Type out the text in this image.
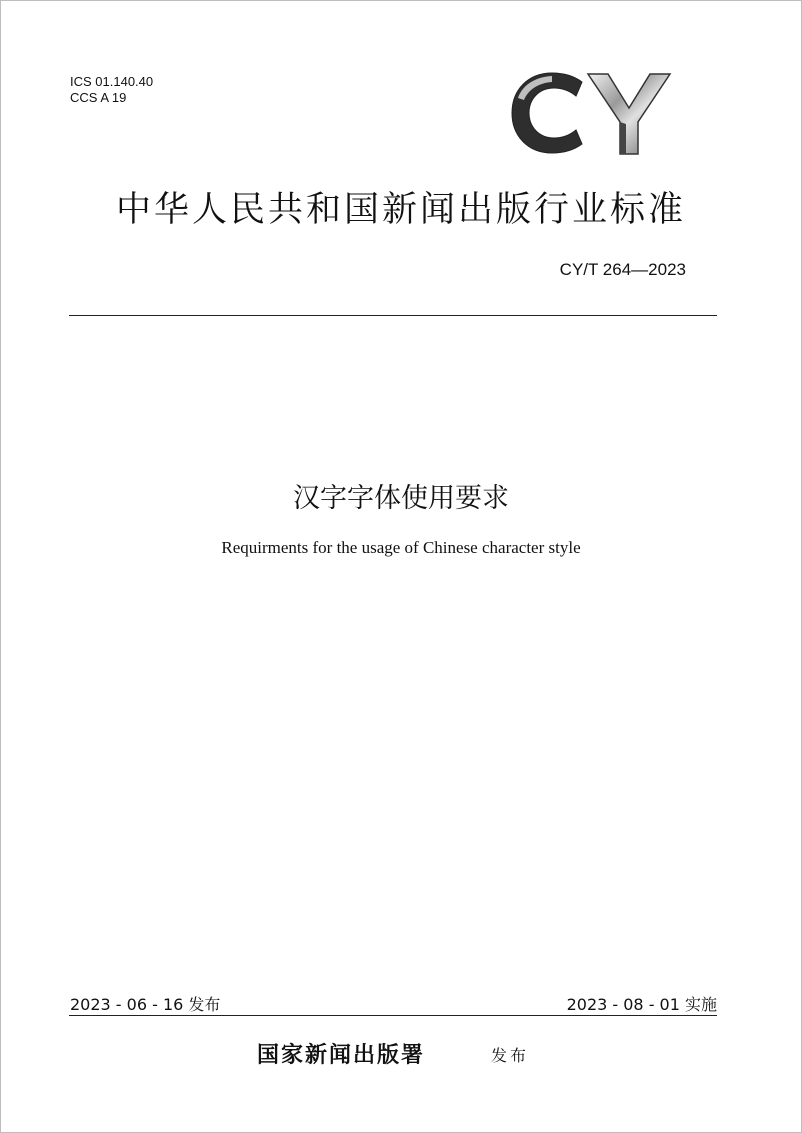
ICS 01.140.40
CCS A 19
中华人民共和国新闻出版行业标准
CY/T 264—2023
汉字字体使用要求
Requirments for the usage of Chinese character style
2023 - 06 - 16 发布	2023 - 08 - 01 实施
国家新闻出版署	发布
